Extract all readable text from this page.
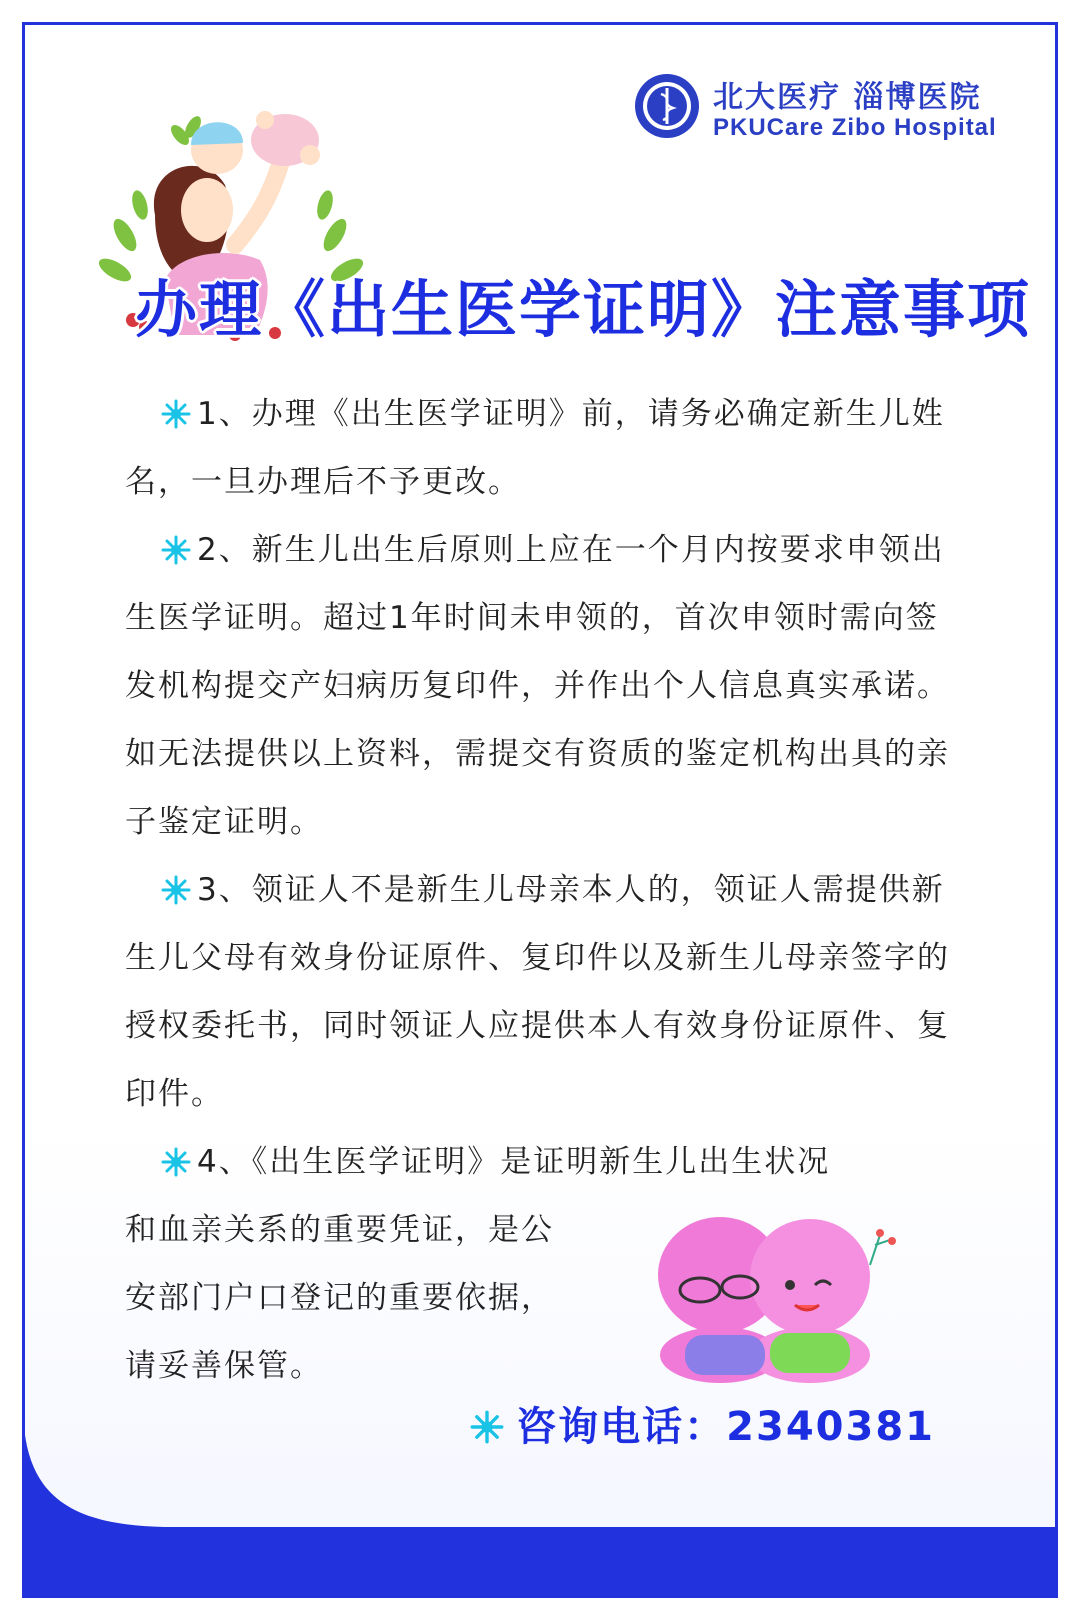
北大医疗 淄博医院
PKUCare Zibo Hospital
办理《出生医学证明》注意事项

1、办理《出生医学证明》前，请务必确定新生儿姓名，一旦办理后不予更改。

2、新生儿出生后原则上应在一个月内按要求申领出生医学证明。超过1年时间未申领的，首次申领时需向签发机构提交产妇病历复印件，并作出个人信息真实承诺。如无法提供以上资料，需提交有资质的鉴定机构出具的亲子鉴定证明。

3、领证人不是新生儿母亲本人的，领证人需提供新生儿父母有效身份证原件、复印件以及新生儿母亲签字的授权委托书，同时领证人应提供本人有效身份证原件、复印件。

4、《出生医学证明》是证明新生儿出生状况

和血亲关系的重要凭证，是公安部门户口登记的重要依据，请妥善保管。

咨询电话：2340381
